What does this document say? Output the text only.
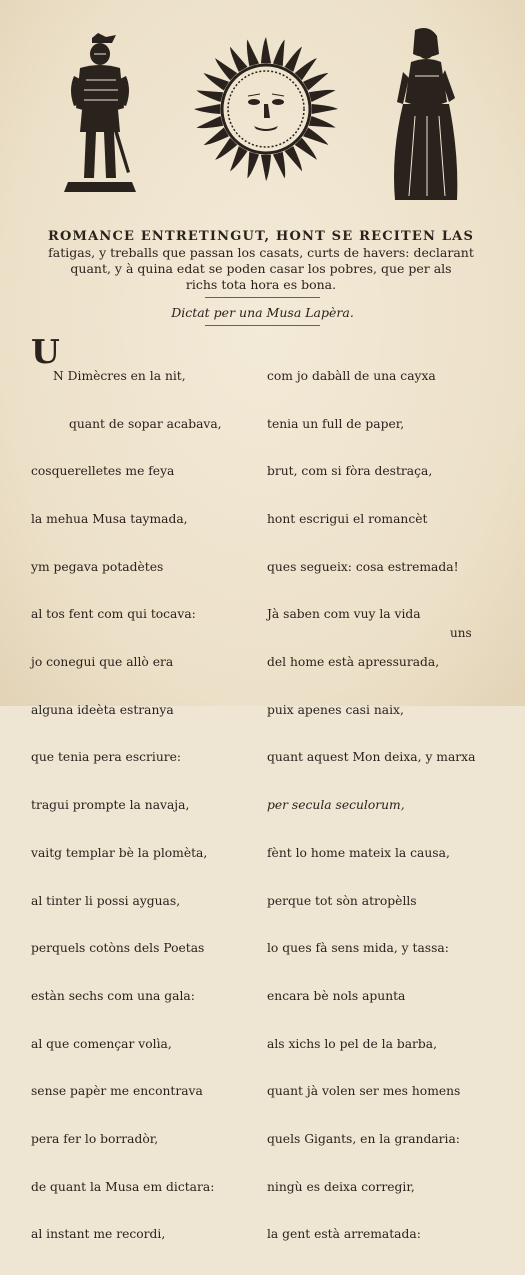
ROMANCE ENTRETINGUT, HONT SE RECITEN LAS
fatigas, y treballs que passan los casats, curts de havers: declarant
quant, y à quina edat se poden casar los pobres, que per als
richs tota hora es bona.
Dictat per una Musa Lapèra.
U

N Dimècres en la nit,

quant de sopar acabava,

cosquerelletes me feya

la mehua Musa taymada,

ym pegava potadètes

al tos fent com qui tocava:

jo conegui que allò era

alguna ideèta estranya

que tenia pera escriure:

tragui prompte la navaja,

vaitg templar bè la plomèta,

al tinter li possi ayguas,

perquels cotòns dels Poetas

estàn sechs com una gala:

al que començar volìa,

sense papèr me encontrava

pera fer lo borradòr,

de quant la Musa em dictara:

al instant me recordi,

com jo dabàll de una cayxa

tenia un full de paper,

brut, com si fòra destraça,

hont escrigui el romancèt

ques segueix: cosa estremada!

Jà saben com vuy la vida

del home està apressurada,

puix apenes casi naix,

quant aquest Mon deixa, y marxa

per secula seculorum,

fènt lo home mateix la causa,

perque tot sòn atropèlls

lo ques fà sens mida, y tassa:

encara bè nols apunta

als xichs lo pel de la barba,

quant jà volen ser mes homens

quels Gigants, en la grandaria:

ningù es deixa corregir,

la gent està arrematada:

uns
